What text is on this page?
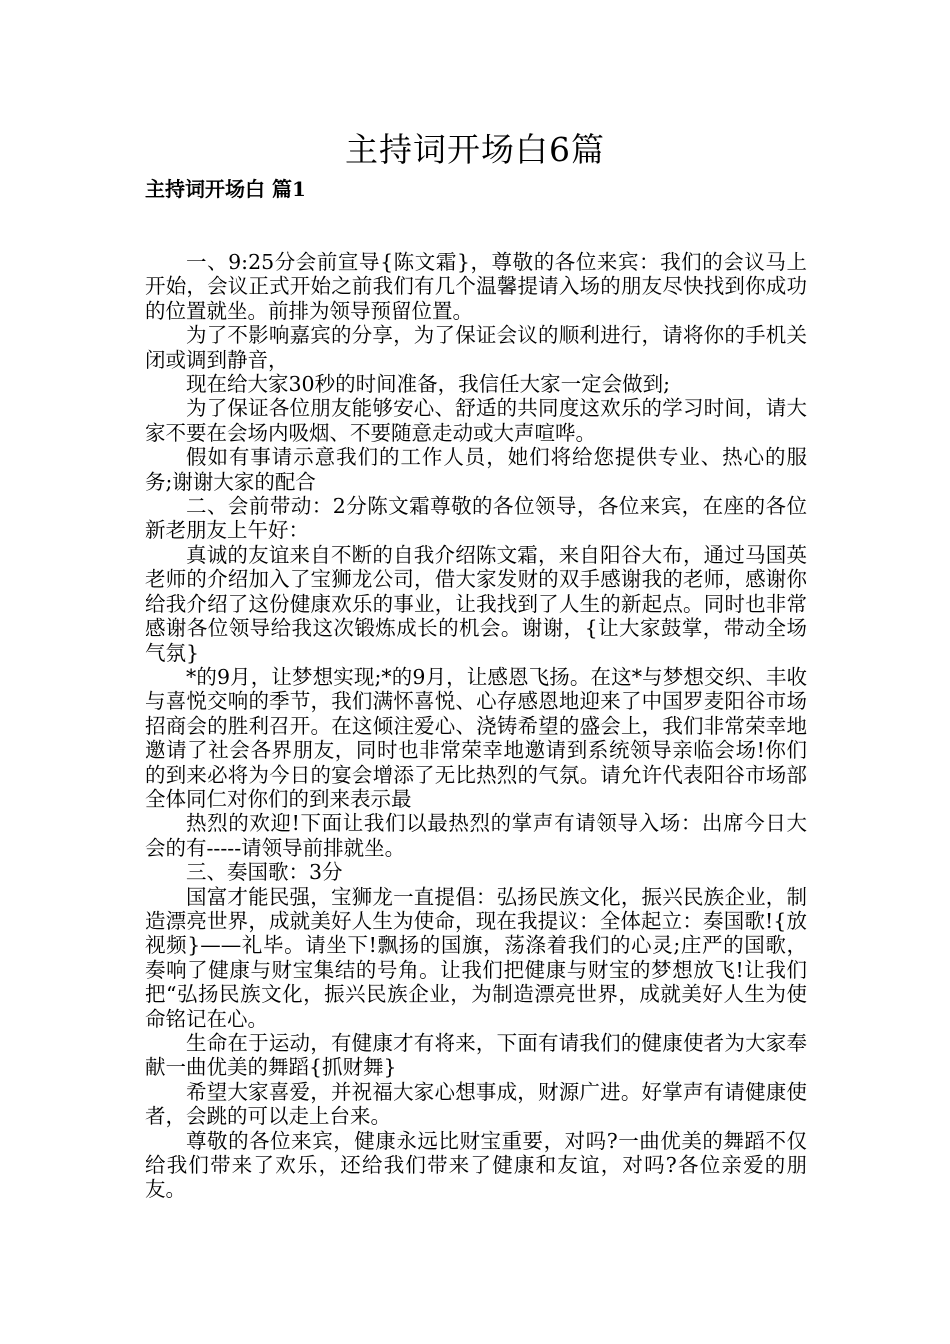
主持词开场白6篇
主持词开场白 篇1

一、9:25分会前宣导{陈文霜}，尊敬的各位来宾：我们的会议马上开始，会议正式开始之前我们有几个温馨提请入场的朋友尽快找到你成功的位置就坐。前排为领导预留位置。

为了不影响嘉宾的分享，为了保证会议的顺利进行，请将你的手机关闭或调到静音，

现在给大家30秒的时间准备，我信任大家一定会做到;

为了保证各位朋友能够安心、舒适的共同度这欢乐的学习时间，请大家不要在会场内吸烟、不要随意走动或大声喧哗。

假如有事请示意我们的工作人员，她们将给您提供专业、热心的服务;谢谢大家的配合

二、会前带动：2分陈文霜尊敬的各位领导，各位来宾，在座的各位新老朋友上午好：

真诚的友谊来自不断的自我介绍陈文霜，来自阳谷大布，通过马国英老师的介绍加入了宝狮龙公司，借大家发财的双手感谢我的老师，感谢你给我介绍了这份健康欢乐的事业，让我找到了人生的新起点。同时也非常感谢各位领导给我这次锻炼成长的机会。谢谢，{让大家鼓掌，带动全场气氛}

*的9月，让梦想实现;*的9月，让感恩飞扬。在这*与梦想交织、丰收与喜悦交响的季节，我们满怀喜悦、心存感恩地迎来了中国罗麦阳谷市场招商会的胜利召开。在这倾注爱心、浇铸希望的盛会上，我们非常荣幸地邀请了社会各界朋友，同时也非常荣幸地邀请到系统领导亲临会场!你们的到来必将为今日的宴会增添了无比热烈的气氛。请允许代表阳谷市场部全体同仁对你们的到来表示最

热烈的欢迎!下面让我们以最热烈的掌声有请领导入场：出席今日大会的有-----请领导前排就坐。

三、奏国歌：3分

国富才能民强，宝狮龙一直提倡：弘扬民族文化，振兴民族企业，制造漂亮世界，成就美好人生为使命，现在我提议：全体起立：奏国歌!{放视频}——礼毕。请坐下!飘扬的国旗，荡涤着我们的心灵;庄严的国歌，奏响了健康与财宝集结的号角。让我们把健康与财宝的梦想放飞!让我们把“弘扬民族文化，振兴民族企业，为制造漂亮世界，成就美好人生为使命铭记在心。

生命在于运动，有健康才有将来，下面有请我们的健康使者为大家奉献一曲优美的舞蹈{抓财舞}

希望大家喜爱，并祝福大家心想事成，财源广进。好掌声有请健康使者，会跳的可以走上台来。

尊敬的各位来宾，健康永远比财宝重要，对吗?一曲优美的舞蹈不仅给我们带来了欢乐，还给我们带来了健康和友谊，对吗?各位亲爱的朋友。
